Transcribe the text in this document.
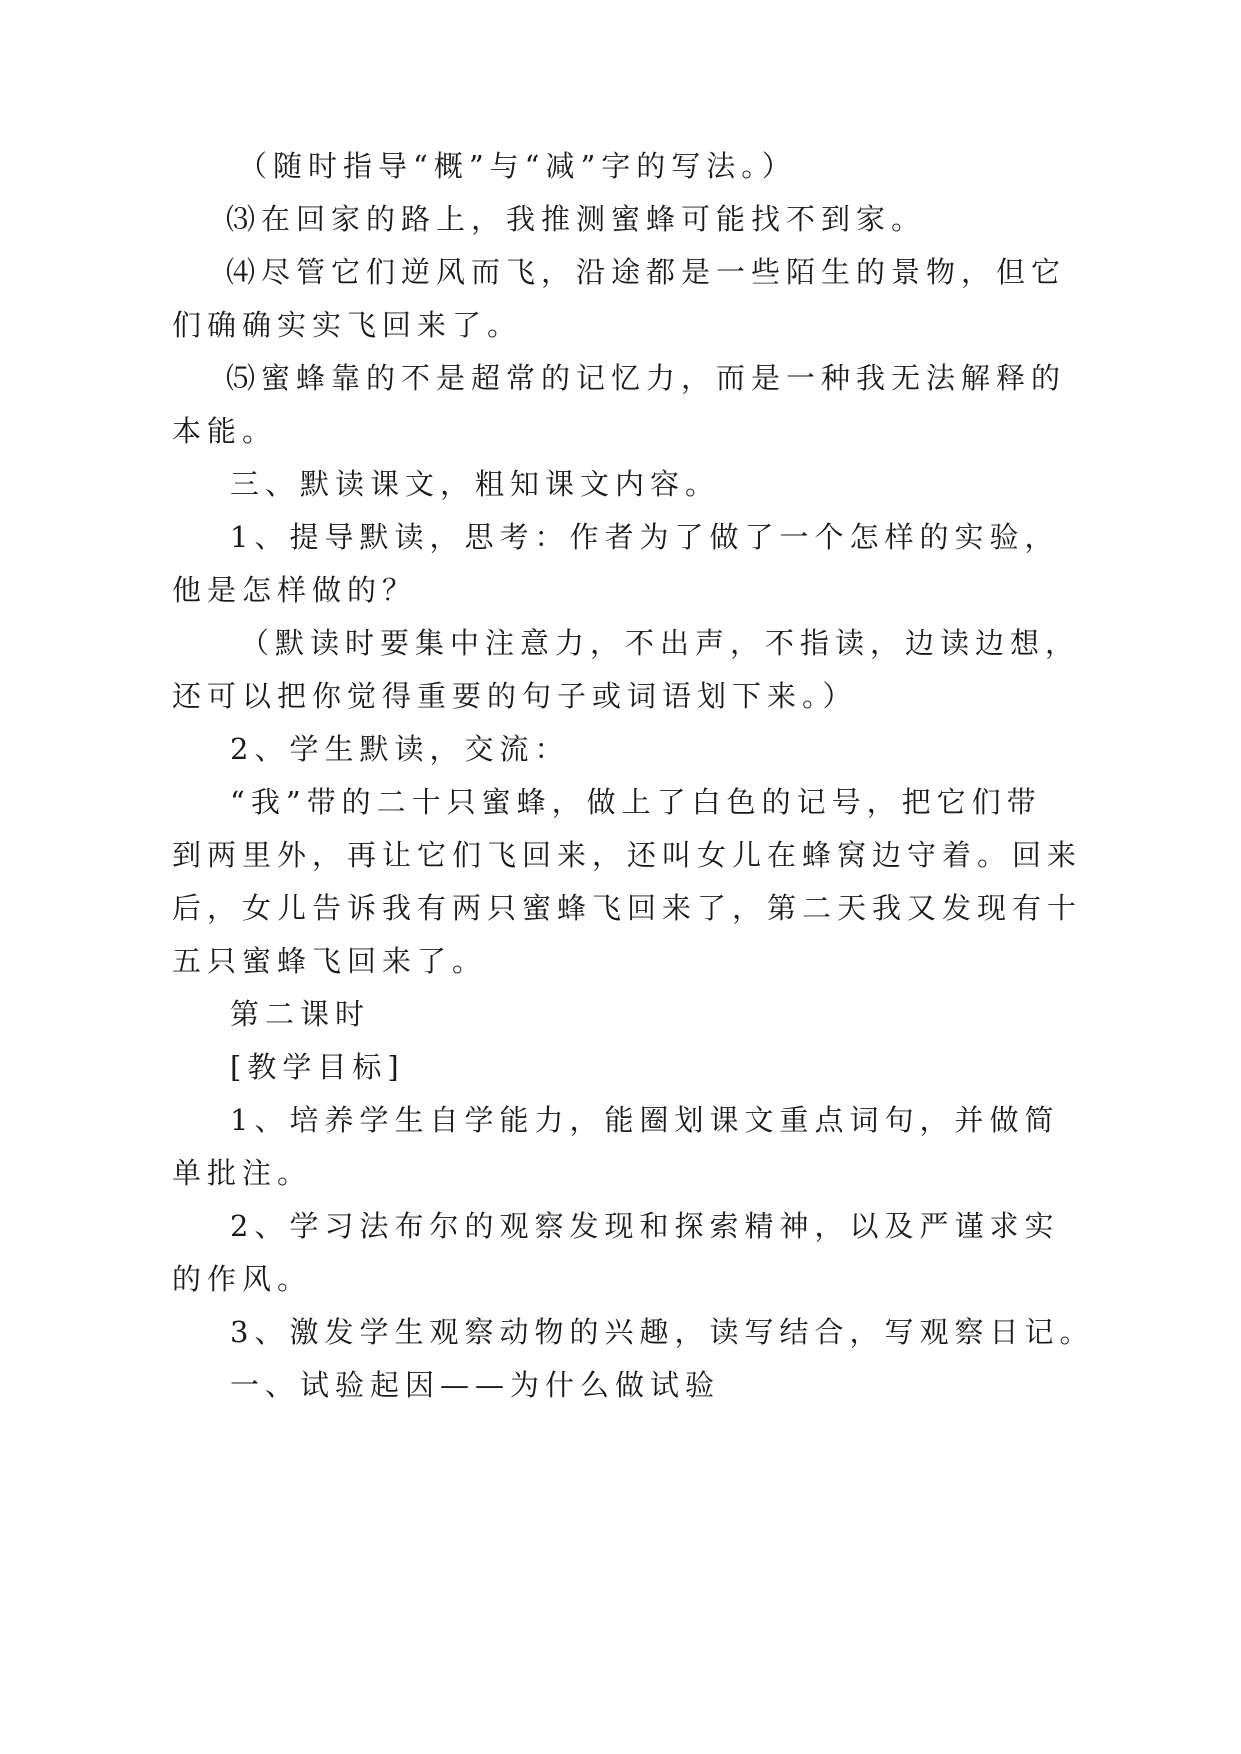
（随时指导“概”与“减”字的写法。）

⑶在回家的路上，我推测蜜蜂可能找不到家。

⑷尽管它们逆风而飞，沿途都是一些陌生的景物，但它

们确确实实飞回来了。

⑸蜜蜂靠的不是超常的记忆力，而是一种我无法解释的

本能。

三、默读课文，粗知课文内容。

1、提导默读，思考：作者为了做了一个怎样的实验，

他是怎样做的？

（默读时要集中注意力，不出声，不指读，边读边想，

还可以把你觉得重要的句子或词语划下来。）

2、学生默读，交流：

“我”带的二十只蜜蜂，做上了白色的记号，把它们带

到两里外，再让它们飞回来，还叫女儿在蜂窝边守着。回来

后，女儿告诉我有两只蜜蜂飞回来了，第二天我又发现有十

五只蜜蜂飞回来了。

第二课时

[教学目标]

1、培养学生自学能力，能圈划课文重点词句，并做简

单批注。

2、学习法布尔的观察发现和探索精神，以及严谨求实

的作风。

3、激发学生观察动物的兴趣，读写结合，写观察日记。

一、试验起因——为什么做试验
